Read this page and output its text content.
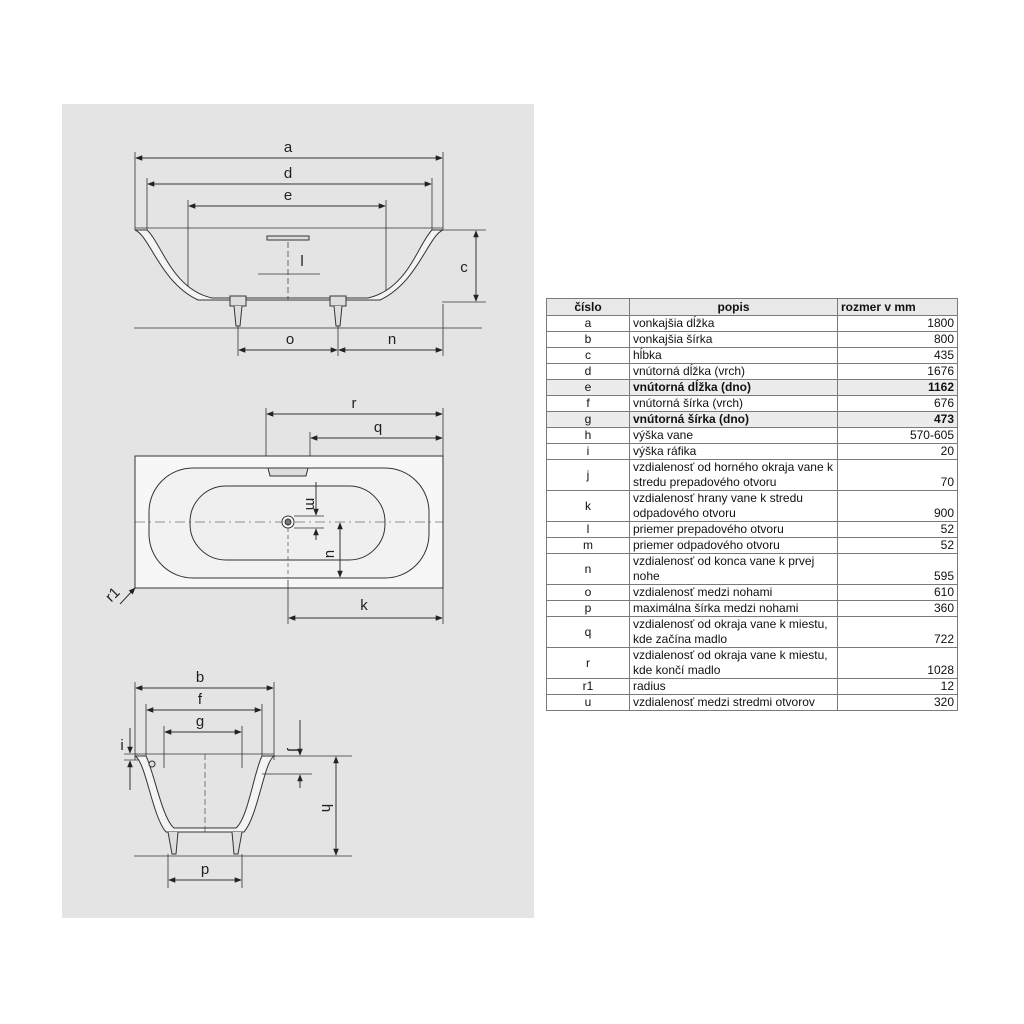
a
d
e
c
l
o	n
r
q
m
u
k
r1
b
f
g
i	j
h
p
číslo	popis	rozmer v mm
a	vonkajšia dĺžka	1800
b	vonkajšia šírka	800
c	hĺbka	435
d	vnútorná dĺžka (vrch)	1676
e	vnútorná dĺžka (dno)	1162
f	vnútorná šírka (vrch)	676
g	vnútorná šírka (dno)	473
h	výška vane	570-605
i	výška ráfika	20
j	vzdialenosť od horného okraja vane k stredu prepadového otvoru	70
k	vzdialenosť hrany vane k stredu odpadového otvoru	900
l	priemer prepadového otvoru	52
m	priemer odpadového otvoru	52
n	vzdialenosť od konca vane k prvej nohe	595
o	vzdialenosť medzi nohami	610
p	maximálna šírka medzi nohami	360
q	vzdialenosť od okraja vane k miestu, kde začína madlo	722
r	vzdialenosť od okraja vane k miestu, kde končí madlo	1028
r1	radius	12
u	vzdialenosť medzi stredmi otvorov	320
